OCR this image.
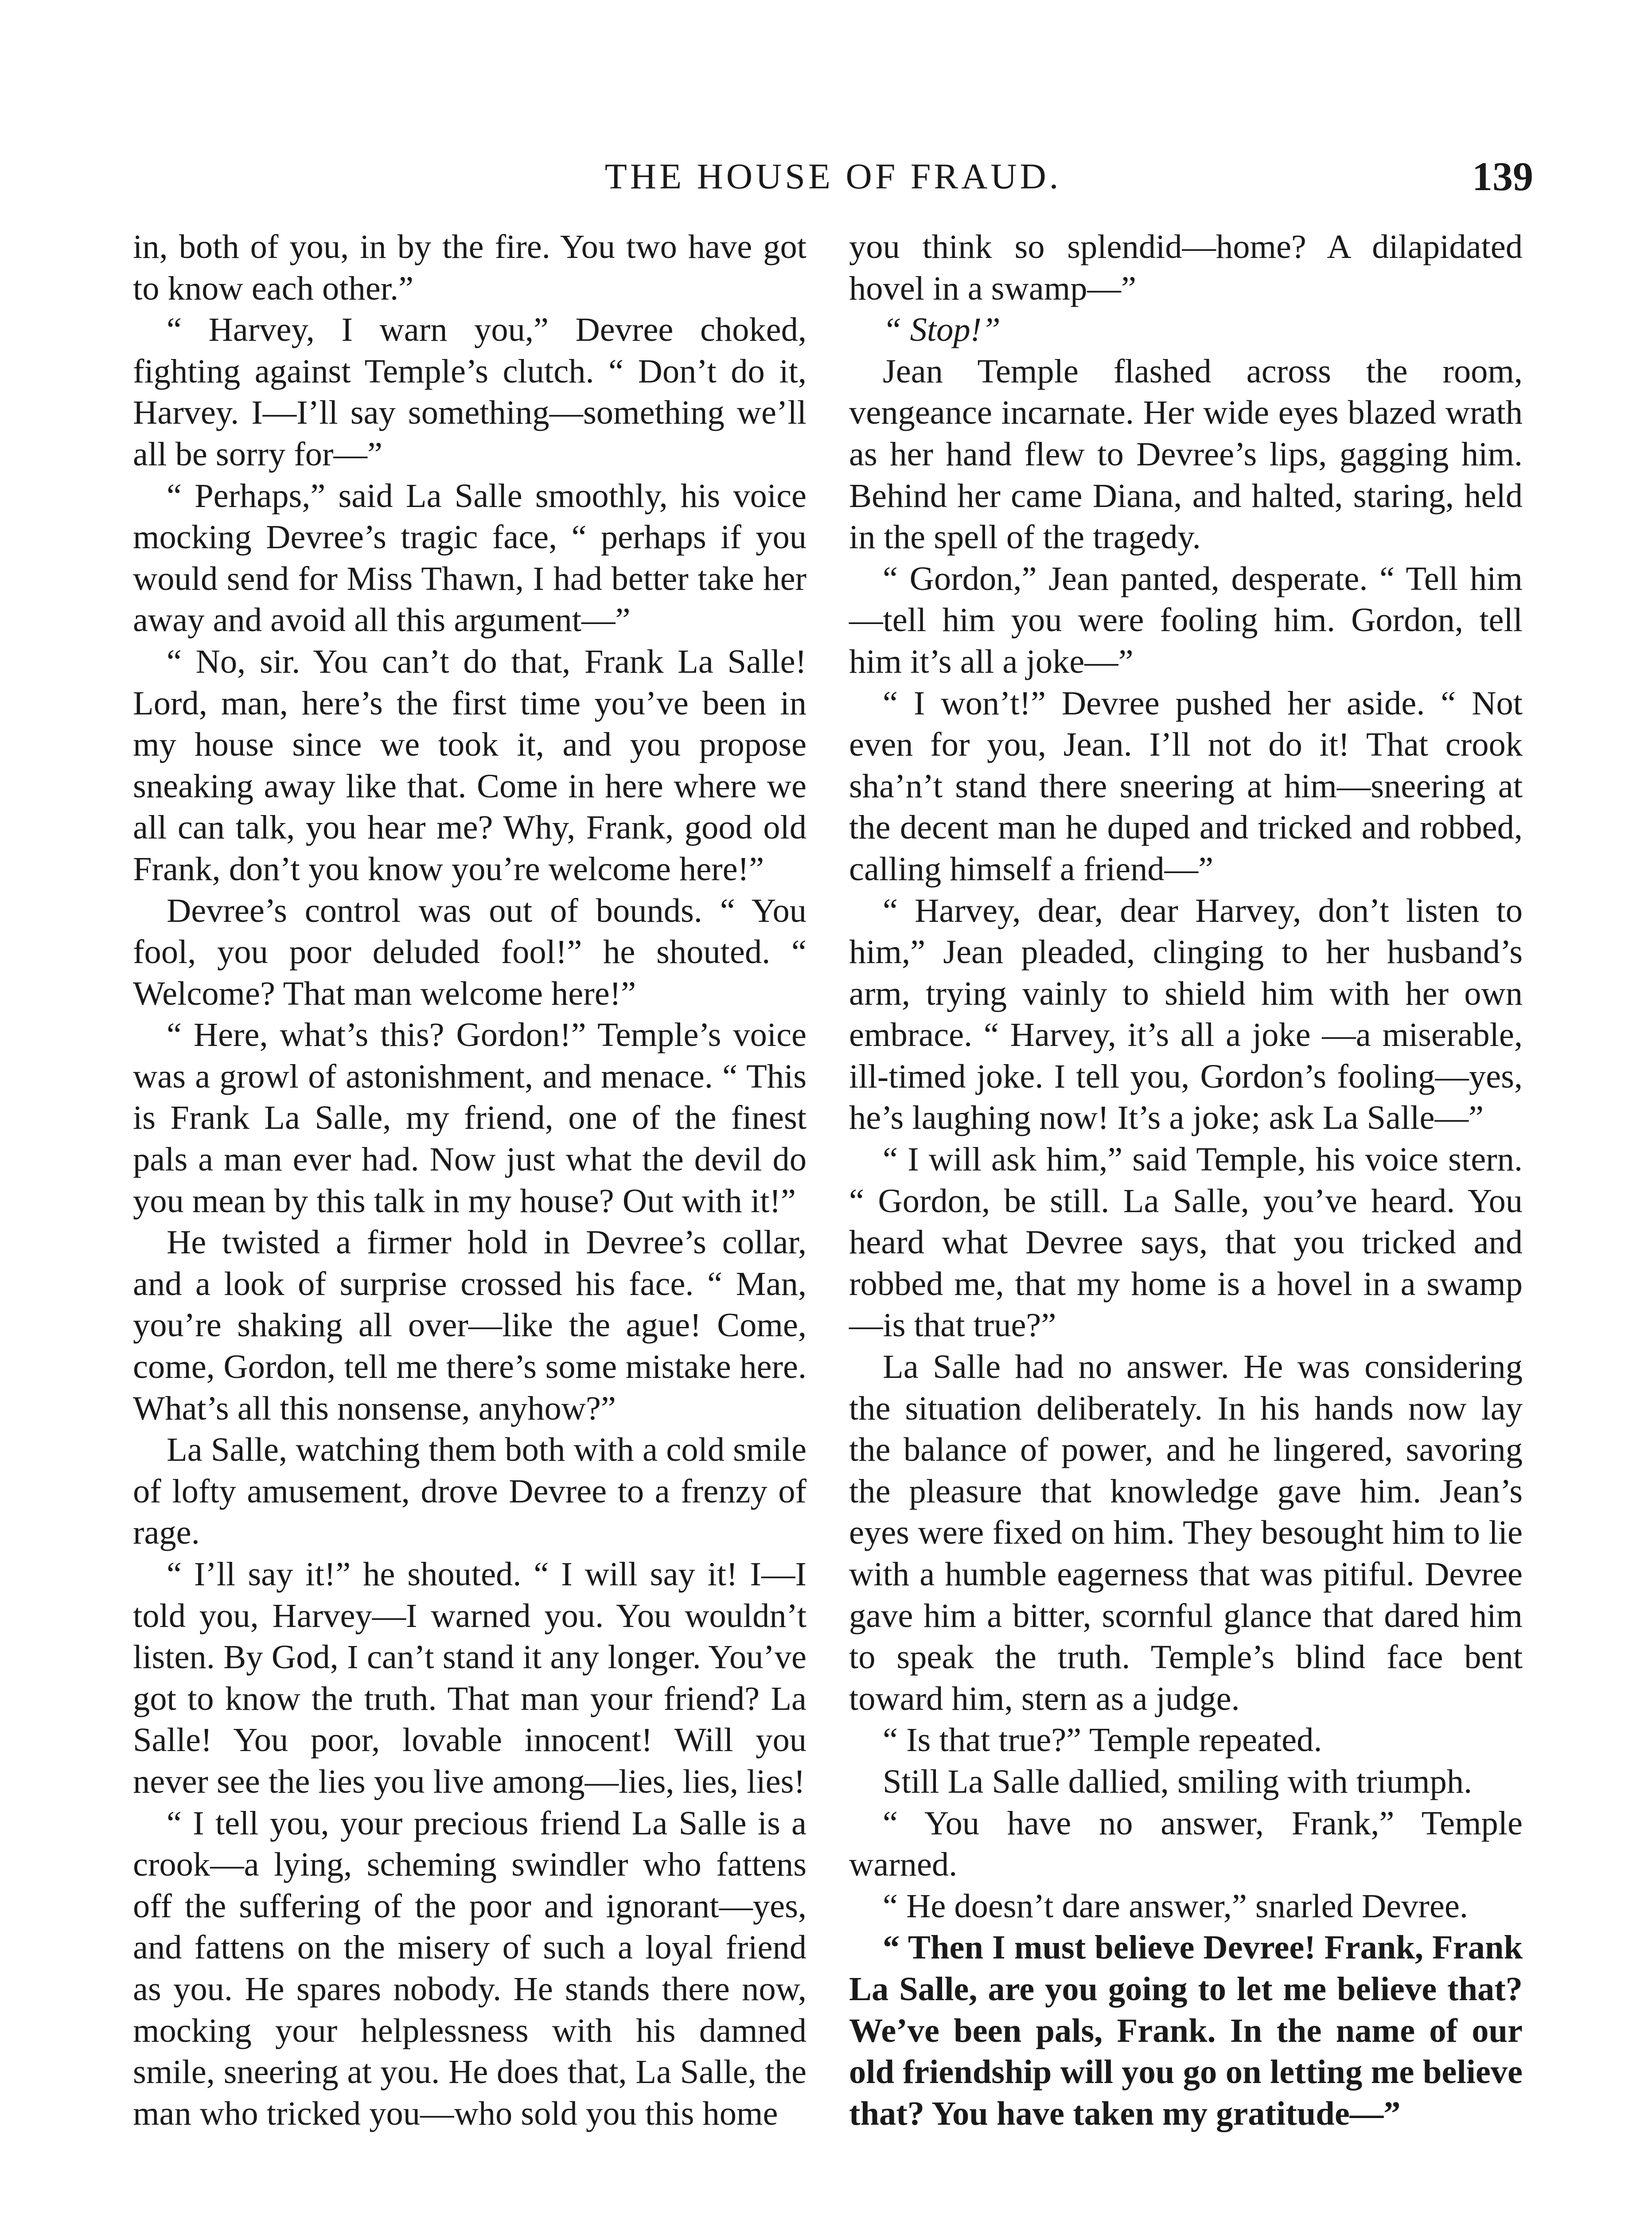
THE HOUSE OF FRAUD.	139

in, both of you, in by the fire. You two have got to know each other.”

“ Harvey, I warn you,” Devree choked, fighting against Temple’s clutch. “ Don’t do it, Harvey. I—I’ll say something—something we’ll all be sorry for—”

“ Perhaps,” said La Salle smoothly, his voice mocking Devree’s tragic face, “ perhaps if you would send for Miss Thawn, I had better take her away and avoid all this argument—”

“ No, sir. You can’t do that, Frank La Salle! Lord, man, here’s the first time you’ve been in my house since we took it, and you propose sneaking away like that. Come in here where we all can talk, you hear me? Why, Frank, good old Frank, don’t you know you’re welcome here!”

Devree’s control was out of bounds. “ You fool, you poor deluded fool!” he shouted. “ Welcome? That man welcome here!”

“ Here, what’s this? Gordon!” Temple’s voice was a growl of astonishment, and menace. “ This is Frank La Salle, my friend, one of the finest pals a man ever had. Now just what the devil do you mean by this talk in my house? Out with it!”

He twisted a firmer hold in Devree’s collar, and a look of surprise crossed his face. “ Man, you’re shaking all over—like the ague! Come, come, Gordon, tell me there’s some mistake here. What’s all this nonsense, anyhow?”

La Salle, watching them both with a cold smile of lofty amusement, drove Devree to a frenzy of rage.

“ I’ll say it!” he shouted. “ I will say it! I—I told you, Harvey—I warned you. You wouldn’t listen. By God, I can’t stand it any longer. You’ve got to know the truth. That man your friend? La Salle! You poor, lovable innocent! Will you never see the lies you live among—lies, lies, lies!

“ I tell you, your precious friend La Salle is a crook—a lying, scheming swindler who fattens off the suffering of the poor and ignorant—yes, and fattens on the misery of such a loyal friend as you. He spares nobody. He stands there now, mocking your helplessness with his damned smile, sneering at you. He does that, La Salle, the man who tricked you—who sold you this home

you think so splendid—home? A dilapidated hovel in a swamp—”

“ Stop!”

Jean Temple flashed across the room, vengeance incarnate. Her wide eyes blazed wrath as her hand flew to Devree’s lips, gagging him. Behind her came Diana, and halted, staring, held in the spell of the tragedy.

“ Gordon,” Jean panted, desperate. “ Tell him—tell him you were fooling him. Gordon, tell him it’s all a joke—”

“ I won’t!” Devree pushed her aside. “ Not even for you, Jean. I’ll not do it! That crook sha’n’t stand there sneering at him—sneering at the decent man he duped and tricked and robbed, calling himself a friend—”

“ Harvey, dear, dear Harvey, don’t listen to him,” Jean pleaded, clinging to her husband’s arm, trying vainly to shield him with her own embrace. “ Harvey, it’s all a joke —a miserable, ill-timed joke. I tell you, Gordon’s fooling—yes, he’s laughing now! It’s a joke; ask La Salle—”

“ I will ask him,” said Temple, his voice stern. “ Gordon, be still. La Salle, you’ve heard. You heard what Devree says, that you tricked and robbed me, that my home is a hovel in a swamp—is that true?”

La Salle had no answer. He was considering the situation deliberately. In his hands now lay the balance of power, and he lingered, savoring the pleasure that knowledge gave him. Jean’s eyes were fixed on him. They besought him to lie with a humble eagerness that was pitiful. Devree gave him a bitter, scornful glance that dared him to speak the truth. Temple’s blind face bent toward him, stern as a judge.

“ Is that true?” Temple repeated.

Still La Salle dallied, smiling with triumph.

“ You have no answer, Frank,” Temple warned.

“ He doesn’t dare answer,” snarled Devree.

“ Then I must believe Devree! Frank, Frank La Salle, are you going to let me believe that? We’ve been pals, Frank. In the name of our old friendship will you go on letting me believe that? You have taken my gratitude—”
